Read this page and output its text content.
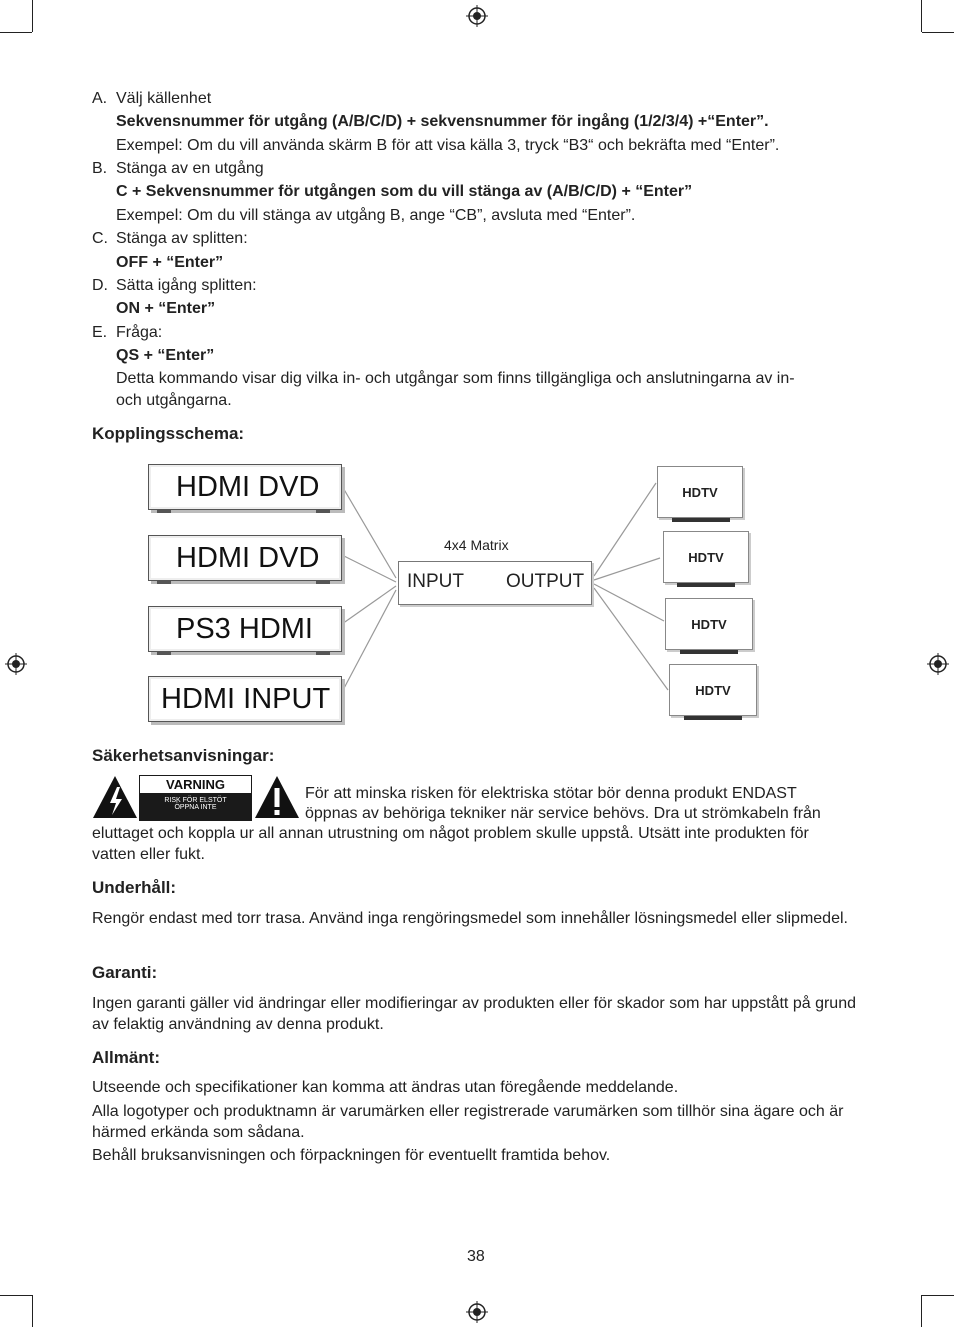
A. Välj källenhet
Sekvensnummer för utgång (A/B/C/D) + sekvensnummer för ingång (1/2/3/4) +“Enter”.
Exempel: Om du vill använda skärm B för att visa källa 3, tryck “B3“ och bekräfta med “Enter”.
B. Stänga av en utgång
C + Sekvensnummer för utgången som du vill stänga av (A/B/C/D) + “Enter”
Exempel: Om du vill stänga av utgång B, ange “CB”, avsluta med “Enter”.
C. Stänga av splitten:
OFF + “Enter”
D. Sätta igång splitten:
ON + “Enter”
E. Fråga:
QS + “Enter”
Detta kommando visar dig vilka in- och utgångar som finns tillgängliga och anslutningarna av in-
och utgångarna.
Kopplingsschema:
HDMI DVD
HDMI DVD
PS3 HDMI
HDMI INPUT
4x4 Matrix
INPUT OUTPUT
HDTV
HDTV
HDTV
HDTV
Säkerhetsanvisningar:
VARNING
RISK FÖR ELSTÖT
ÖPPNA INTE
För att minska risken för elektriska stötar bör denna produkt ENDAST
öppnas av behöriga tekniker när service behövs. Dra ut strömkabeln från
eluttaget och koppla ur all annan utrustning om något problem skulle uppstå. Utsätt inte produkten för
vatten eller fukt.
Underhåll:
Rengör endast med torr trasa. Använd inga rengöringsmedel som innehåller lösningsmedel eller slipmedel.
Garanti:
Ingen garanti gäller vid ändringar eller modifieringar av produkten eller för skador som har uppstått på grund av felaktig användning av denna produkt.
Allmänt:
Utseende och specifikationer kan komma att ändras utan föregående meddelande.
Alla logotyper och produktnamn är varumärken eller registrerade varumärken som tillhör sina ägare och är härmed erkända som sådana.
Behåll bruksanvisningen och förpackningen för eventuellt framtida behov.
38
